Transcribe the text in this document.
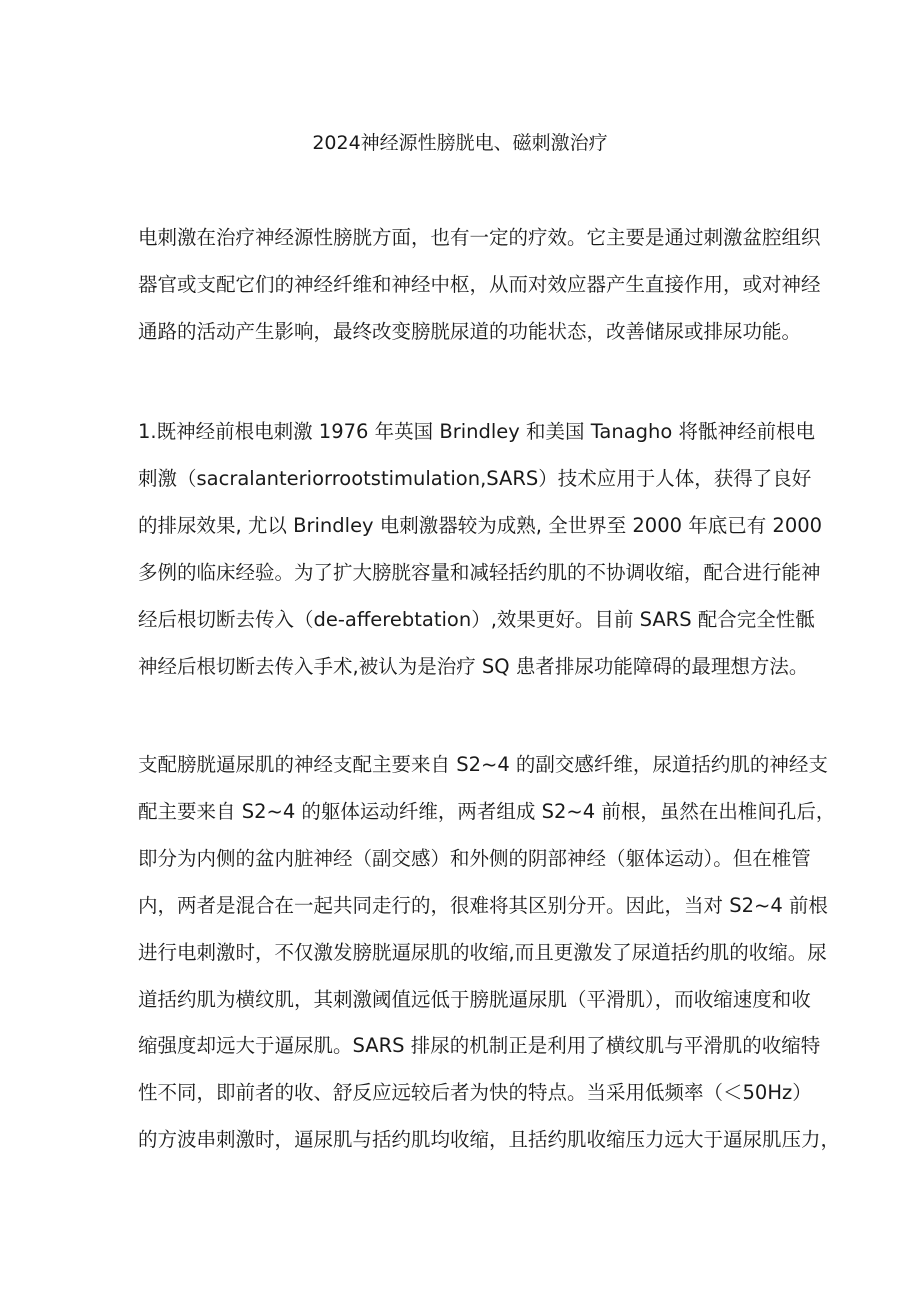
2024神经源性膀胱电、磁刺激治疗
电刺激在治疗神经源性膀胱方面，也有一定的疗效。它主要是通过刺激盆腔组织
器官或支配它们的神经纤维和神经中枢，从而对效应器产生直接作用，或对神经
通路的活动产生影响，最终改变膀胱尿道的功能状态，改善储尿或排尿功能。
1.既神经前根电刺激 1976 年英国 Brindley 和美国 Tanagho 将骶神经前根电
刺激（sacralanteriorrootstimulation,SARS）技术应用于人体，获得了良好
的排尿效果, 尤以 Brindley 电刺激器较为成熟, 全世界至 2000 年底已有 2000
多例的临床经验。为了扩大膀胱容量和减轻括约肌的不协调收缩，配合进行能神
经后根切断去传入（de-afferebtation）,效果更好。目前 SARS 配合完全性骶
神经后根切断去传入手术,被认为是治疗 SQ 患者排尿功能障碍的最理想方法。
支配膀胱逼尿肌的神经支配主要来自 S2~4 的副交感纤维，尿道括约肌的神经支
配主要来自 S2~4 的躯体运动纤维，两者组成 S2~4 前根，虽然在出椎间孔后，
即分为内侧的盆内脏神经（副交感）和外侧的阴部神经（躯体运动）。但在椎管
内，两者是混合在一起共同走行的，很难将其区别分开。因此，当对 S2~4 前根
进行电刺激时，不仅激发膀胱逼尿肌的收缩,而且更激发了尿道括约肌的收缩。尿
道括约肌为横纹肌，其刺激阈值远低于膀胱逼尿肌（平滑肌），而收缩速度和收
缩强度却远大于逼尿肌。SARS 排尿的机制正是利用了横纹肌与平滑肌的收缩特
性不同，即前者的收、舒反应远较后者为快的特点。当采用低频率（＜50Hz）
的方波串刺激时，逼尿肌与括约肌均收缩，且括约肌收缩压力远大于逼尿肌压力，
